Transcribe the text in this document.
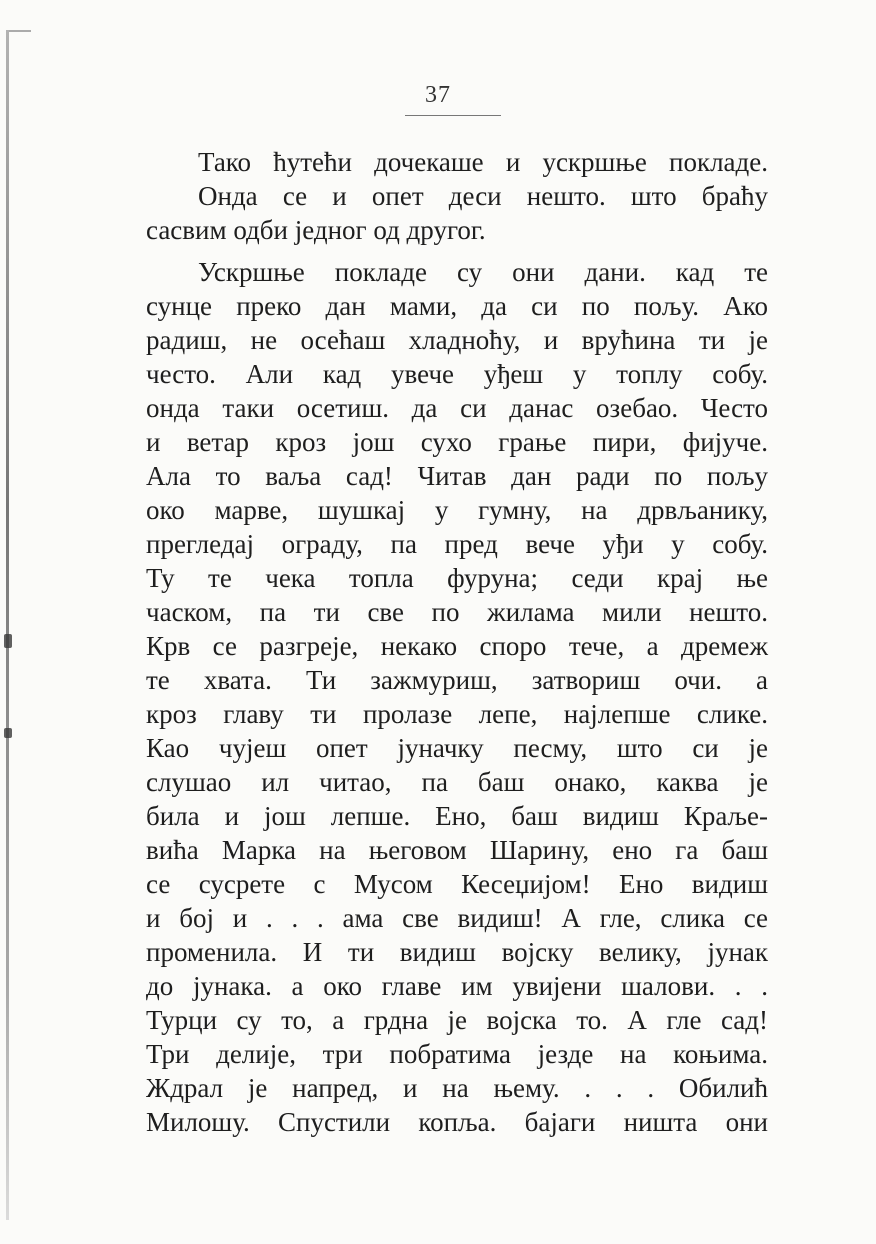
37
Тако ћутећи дочекаше и ускршње покладе.
Онда се и опет деси нешто. што браћу
сасвим одби једног од другог.
Ускршње покладе су они дани. кад те
сунце преко дан мами, да си по пољу. Ако
радиш, не осећаш хладноћу, и врућина ти је
често. Али кад увече уђеш у топлу собу.
онда таки осетиш. да си данас озебао. Често
и ветар кроз још сухо грање пири, фијуче.
Ала то ваља сад! Читав дан ради по пољу
око марве, шушкај у гумну, на дрвљанику,
прегледај ограду, па пред вече уђи у собу.
Ту те чека топла фуруна; седи крај ње
часком, па ти све по жилама мили нешто.
Крв се разгреје, некако споро тече, а дремеж
те хвата. Ти зажмуриш, затвориш очи. а
кроз главу ти пролазе лепе, најлепше слике.
Као чујеш опет јуначку песму, што си је
слушао ил читао, па баш онако, каква је
била и још лепше. Ено, баш видиш Краље-
вића Марка на његовом Шарину, ено га баш
се сусрете с Мусом Кесеџијом! Ено видиш
и бој и . . . ама све видиш! А гле, слика се
променила. И ти видиш војску велику, јунак
до јунака. а око главе им увијени шалови. . .
Турци су то, а грдна је војска то. А гле сад!
Три делије, три побратима језде на коњима.
Ждрал је напред, и на њему. . . . Обилић
Милошу. Спустили копља. бајаги ништа они
